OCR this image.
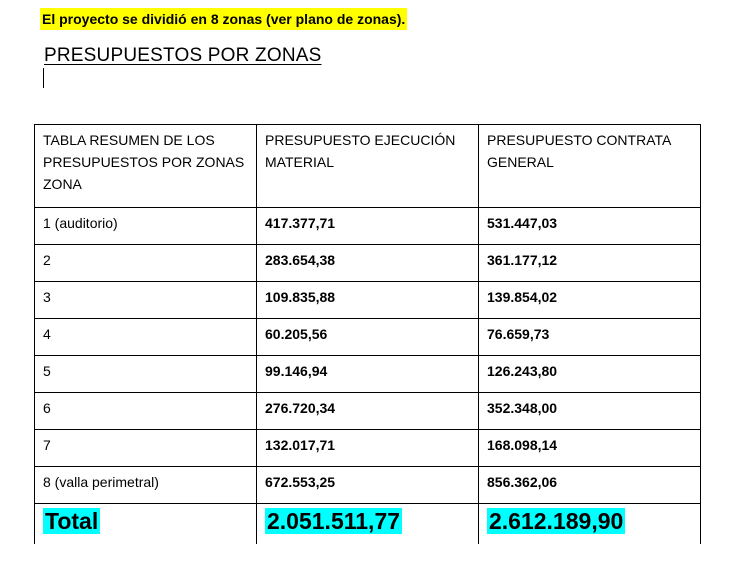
El proyecto se dividió en 8 zonas (ver plano de zonas).
PRESUPUESTOS POR ZONAS
TABLA RESUMEN DE LOS PRESUPUESTOS POR ZONAS ZONA	PRESUPUESTO EJECUCIÓN MATERIAL	PRESUPUESTO CONTRATA GENERAL
1 (auditorio)	417.377,71	531.447,03
2	283.654,38	361.177,12
3	109.835,88	139.854,02
4	60.205,56	76.659,73
5	99.146,94	126.243,80
6	276.720,34	352.348,00
7	132.017,71	168.098,14
8 (valla perimetral)	672.553,25	856.362,06
Total	2.051.511,77	2.612.189,90
